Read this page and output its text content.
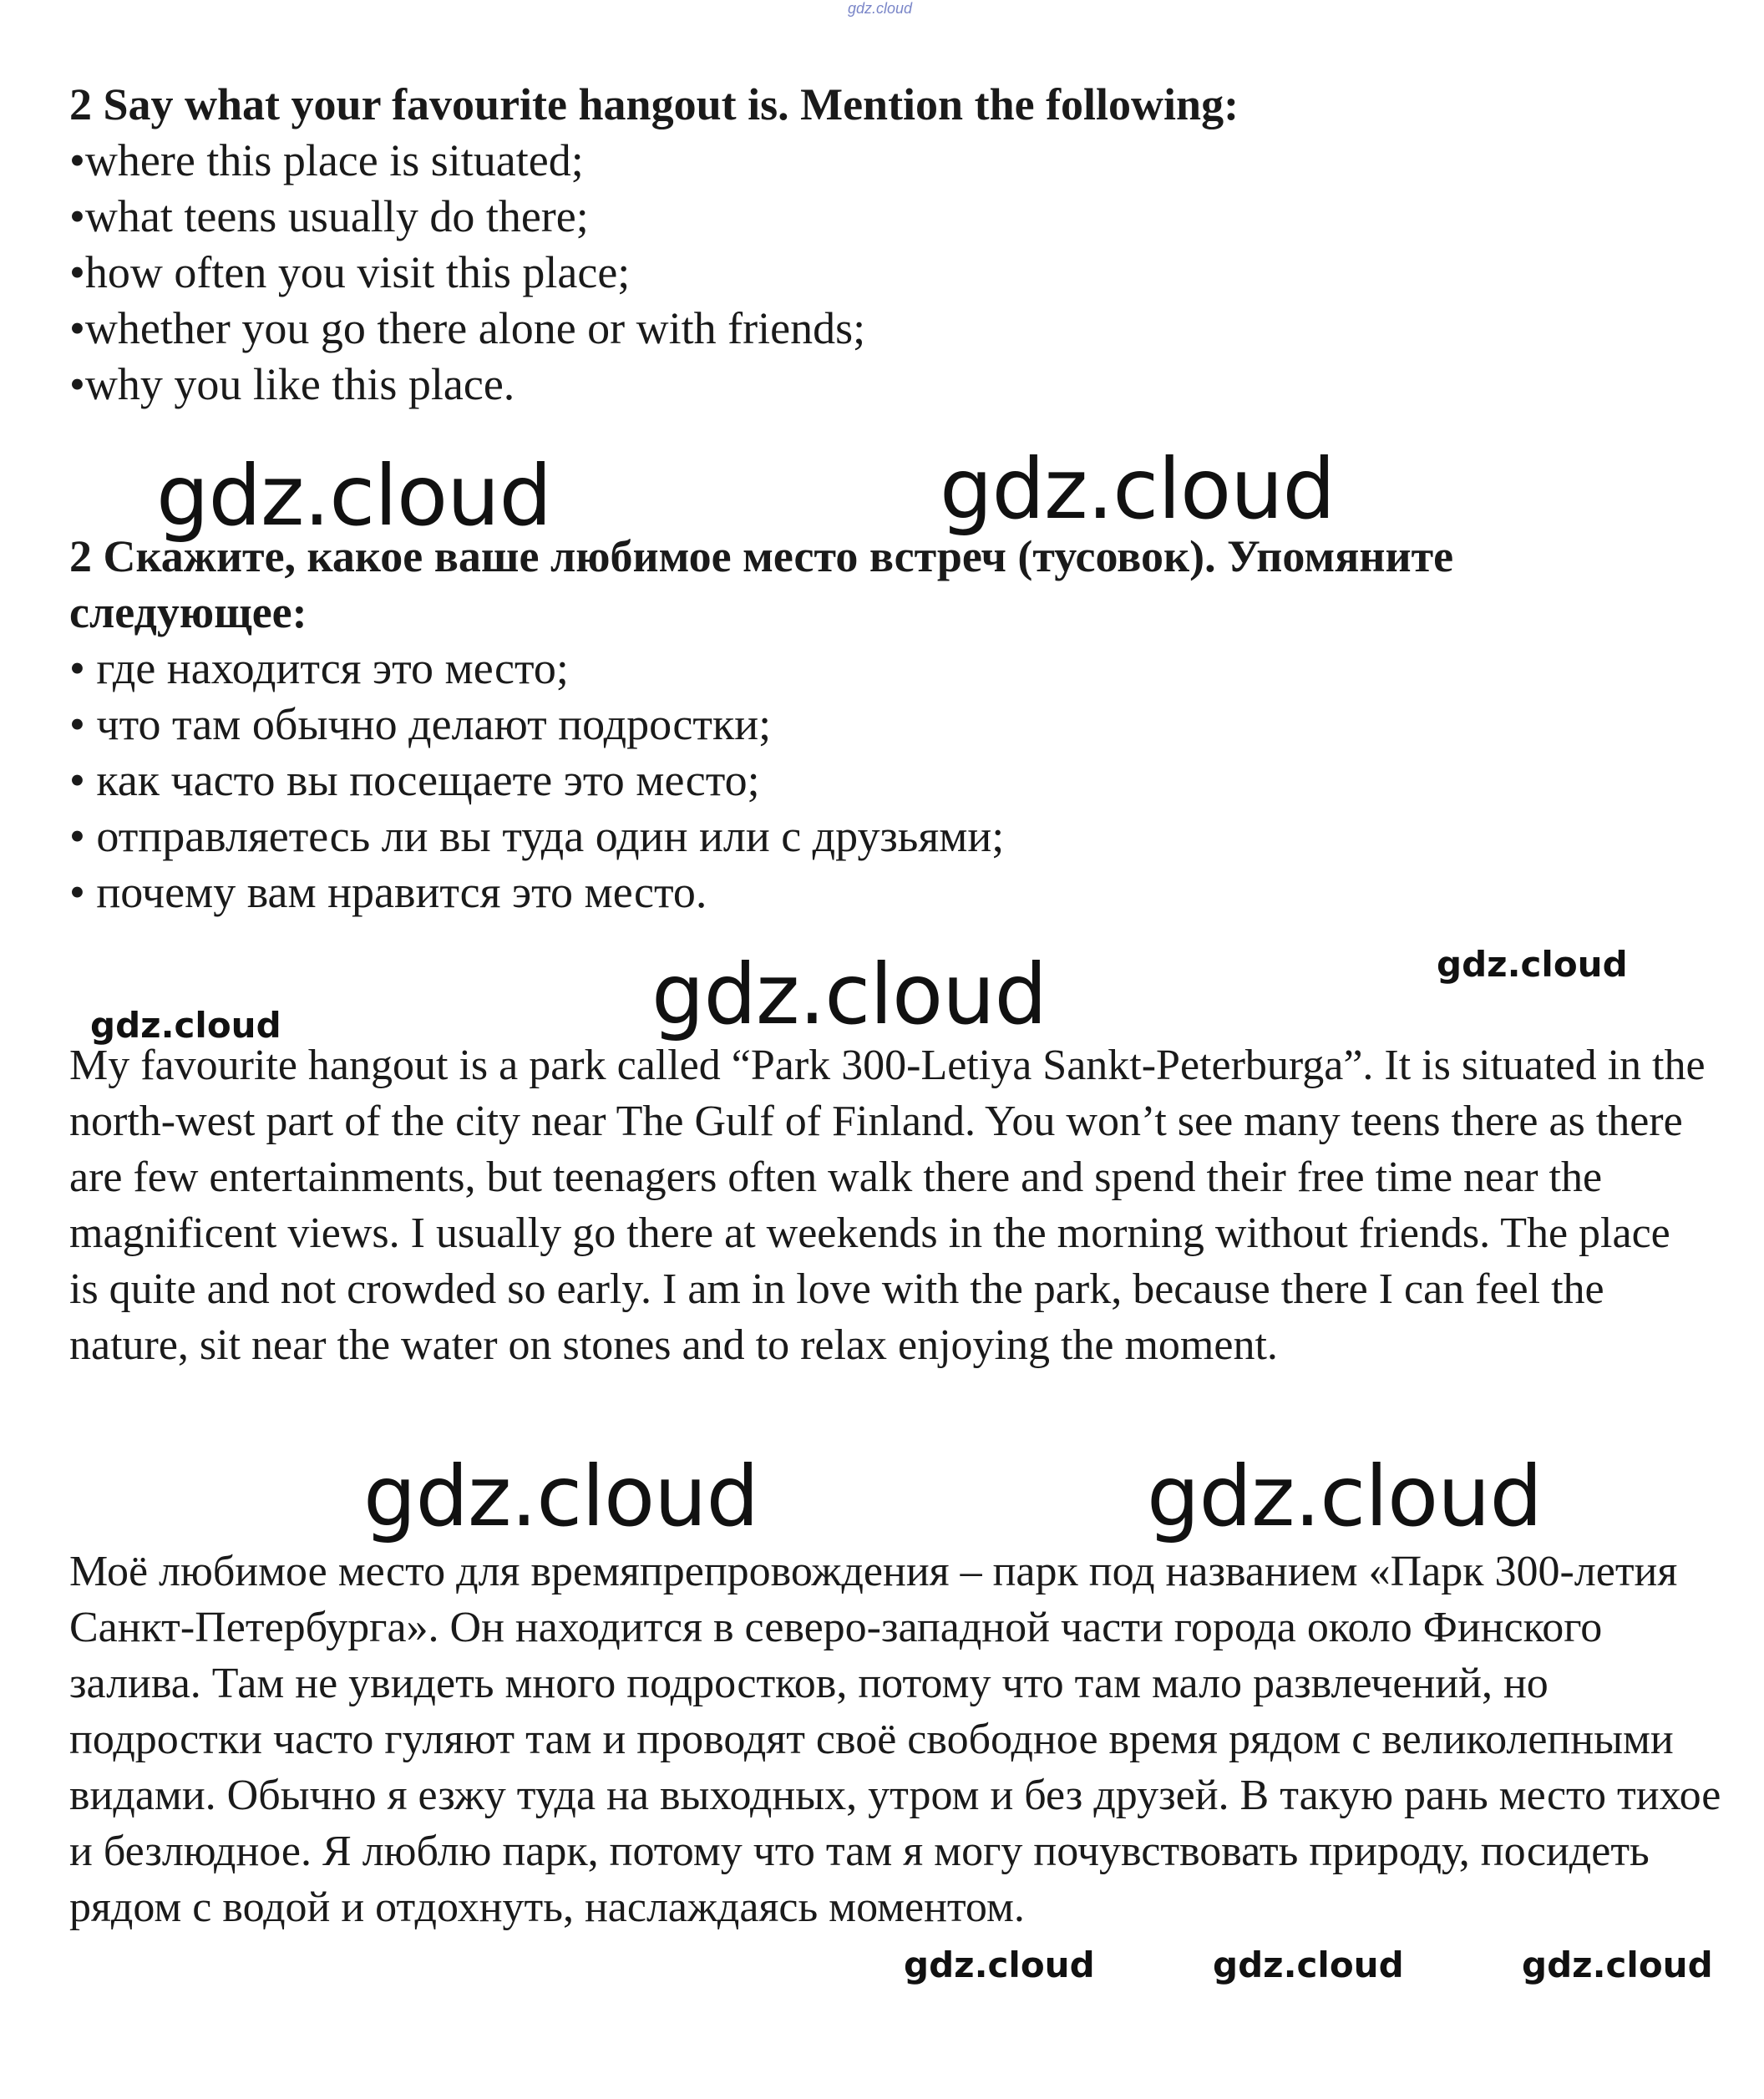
gdz.cloud

2 Say what your favourite hangout is. Mention the following:

•where this place is situated;
•what teens usually do there;
•how often you visit this place;
•whether you go there alone or with friends;
•why you like this place.
gdz.cloud	gdz.cloud

2 Скажите, какое ваше любимое место встреч (тусовок). Упомяните следующее:

• где находится это место;
• что там обычно делают подростки;
• как часто вы посещаете это место;
• отправляетесь ли вы туда один или с друзьями;
• почему вам нравится это место.
gdz.cloud
gdz.cloud
gdz.cloud

My favourite hangout is a park called “Park 300-Letiya Sankt-Peterburga”. It is situated in the north-west part of the city near The Gulf of Finland. You won’t see many teens there as there are few entertainments, but teenagers often walk there and spend their free time near the magnificent views. I usually go there at weekends in the morning without friends. The place is quite and not crowded so early. I am in love with the park, because there I can feel the nature, sit near the water on stones and to relax enjoying the moment.

gdz.cloud	gdz.cloud

Моё любимое место для времяпрепровождения – парк под названием «Парк 300-летия Санкт-Петербурга». Он находится в северо-западной части города около Финского залива. Там не увидеть много подростков, потому что там мало развлечений, но подростки часто гуляют там и проводят своё свободное время рядом с великолепными видами. Обычно я езжу туда на выходных, утром и без друзей. В такую рань место тихое и безлюдное. Я люблю парк, потому что там я могу почувствовать природу, посидеть рядом с водой и отдохнуть, наслаждаясь моментом.

gdz.cloud	gdz.cloud	gdz.cloud
